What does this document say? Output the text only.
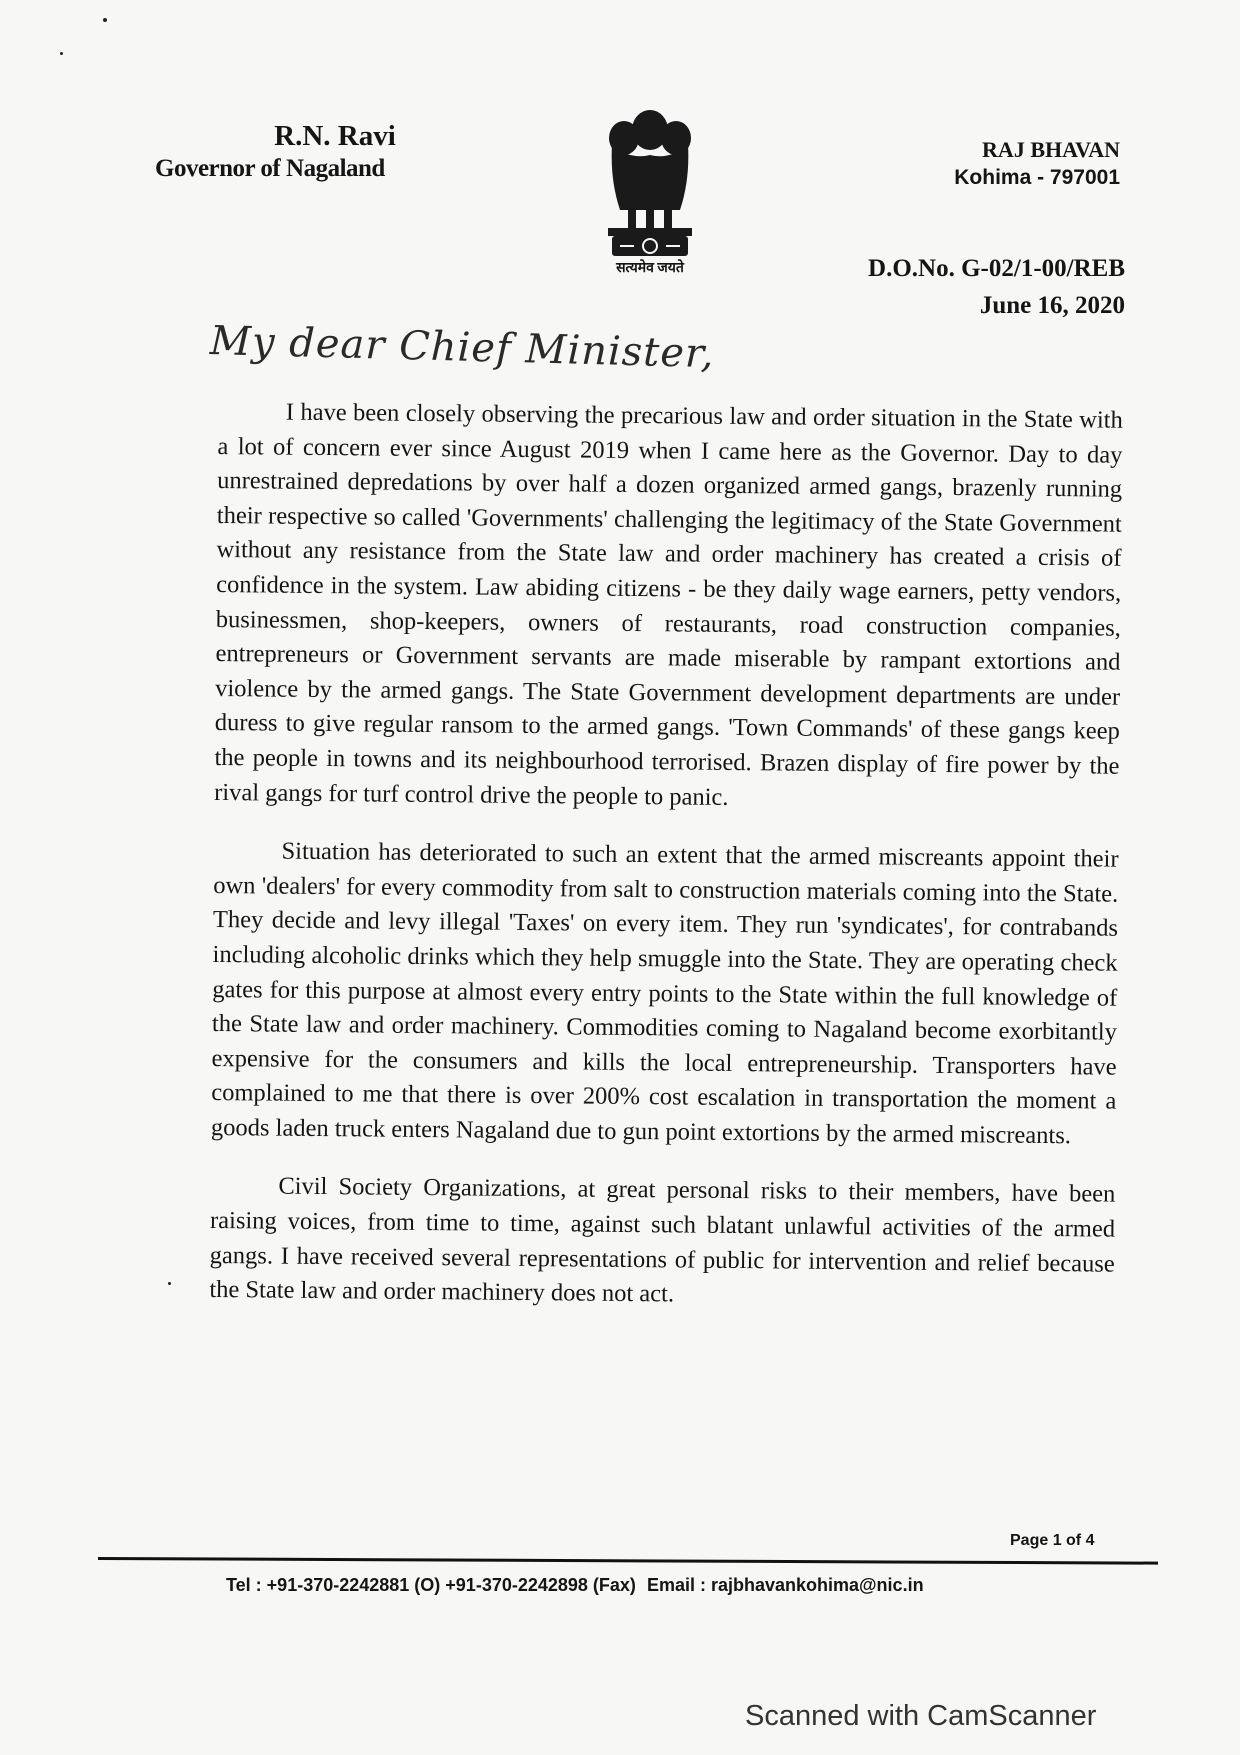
R.N. Ravi
Governor of Nagaland
सत्यमेव जयते
RAJ BHAVAN
Kohima - 797001
D.O.No. G-02/1-00/REB
June 16, 2020
My dear Chief Minister,

I have been closely observing the precarious law and order situation in the State with a lot of concern ever since August 2019 when I came here as the Governor. Day to day unrestrained depredations by over half a dozen organized armed gangs, brazenly running their respective so called 'Governments' challenging the legitimacy of the State Government without any resistance from the State law and order machinery has created a crisis of confidence in the system. Law abiding citizens - be they daily wage earners, petty vendors, businessmen, shop-keepers, owners of restaurants, road construction companies, entrepreneurs or Government servants are made miserable by rampant extortions and violence by the armed gangs. The State Government development departments are under duress to give regular ransom to the armed gangs. 'Town Commands' of these gangs keep the people in towns and its neighbourhood terrorised. Brazen display of fire power by the rival gangs for turf control drive the people to panic.

Situation has deteriorated to such an extent that the armed miscreants appoint their own 'dealers' for every commodity from salt to construction materials coming into the State. They decide and levy illegal 'Taxes' on every item. They run 'syndicates', for contrabands including alcoholic drinks which they help smuggle into the State. They are operating check gates for this purpose at almost every entry points to the State within the full knowledge of the State law and order machinery. Commodities coming to Nagaland become exorbitantly expensive for the consumers and kills the local entrepreneurship. Transporters have complained to me that there is over 200% cost escalation in transportation the moment a goods laden truck enters Nagaland due to gun point extortions by the armed miscreants.

Civil Society Organizations, at great personal risks to their members, have been raising voices, from time to time, against such blatant unlawful activities of the armed gangs. I have received several representations of public for intervention and relief because the State law and order machinery does not act.

Page 1 of 4
Tel : +91-370-2242881 (O) +91-370-2242898 (Fax) Email : rajbhavankohima@nic.in
Scanned with CamScanner
